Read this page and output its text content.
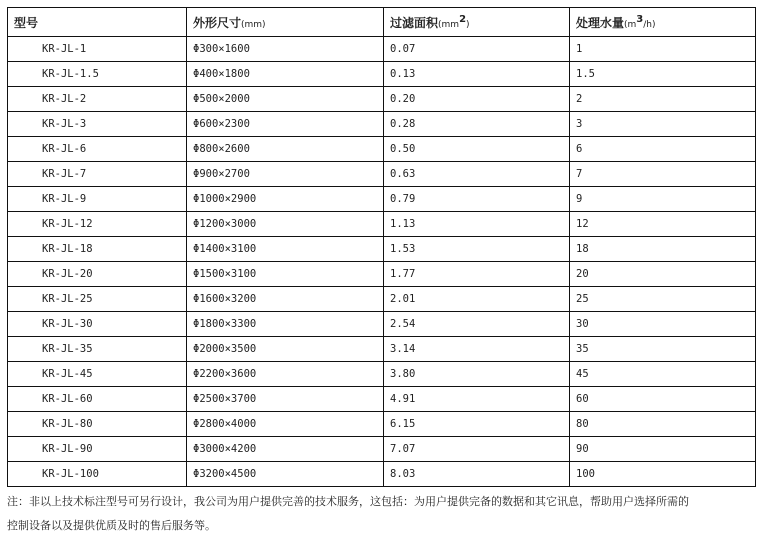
型号	外形尺寸(mm)	过滤面积$(mm^2)$	处理水量$(m^3/h)$
KR-JL-1	Φ300×1600	0.07	1
KR-JL-1.5	Φ400×1800	0.13	1.5
KR-JL-2	Φ500×2000	0.20	2
KR-JL-3	Φ600×2300	0.28	3
KR-JL-6	Φ800×2600	0.50	6
KR-JL-7	Φ900×2700	0.63	7
KR-JL-9	Φ1000×2900	0.79	9
KR-JL-12	Φ1200×3000	1.13	12
KR-JL-18	Φ1400×3100	1.53	18
KR-JL-20	Φ1500×3100	1.77	20
KR-JL-25	Φ1600×3200	2.01	25
KR-JL-30	Φ1800×3300	2.54	30
KR-JL-35	Φ2000×3500	3.14	35
KR-JL-45	Φ2200×3600	3.80	45
KR-JL-60	Φ2500×3700	4.91	60
KR-JL-80	Φ2800×4000	6.15	80
KR-JL-90	Φ3000×4200	7.07	90
KR-JL-100	Φ3200×4500	8.03	100
注：非以上技术标注型号可另行设计，我公司为用户提供完善的技术服务，这包括：为用户提供完备的数据和其它讯息，帮助用户选择所需的
控制设备以及提供优质及时的售后服务等。
